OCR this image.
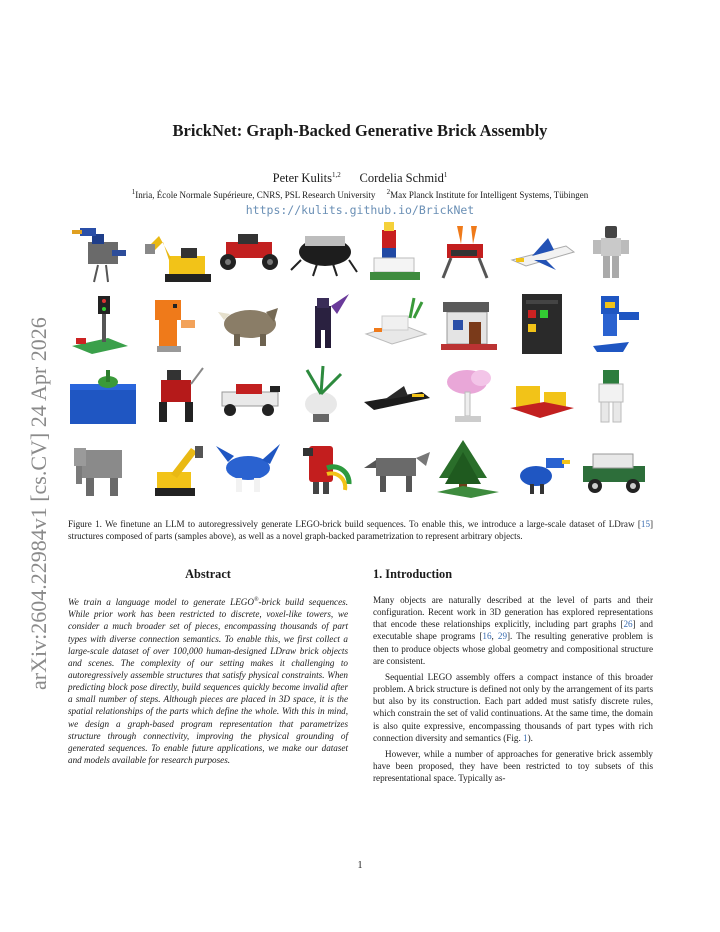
arXiv:2604.22984v1 [cs.CV] 24 Apr 2026
BrickNet: Graph-Backed Generative Brick Assembly
Peter Kulits$^{1,2}$ Cordelia Schmid$^1$
$^1$Inria, École Normale Supérieure, CNRS, PSL Research University $^2$Max Planck Institute for Intelligent Systems, Tübingen
https://kulits.github.io/BrickNet
Figure 1. We finetune an LLM to autoregressively generate LEGO-brick build sequences. To enable this, we introduce a large-scale dataset of LDraw [15] structures composed of parts (samples above), as well as a novel graph-backed parametrization to represent arbitrary objects.
Abstract

We train a language model to generate LEGO®-brick build sequences. While prior work has been restricted to discrete, voxel-like towers, we consider a much broader set of pieces, encompassing thousands of part types with diverse connection semantics. To enable this, we first collect a large-scale dataset of over 100,000 human-designed LDraw brick objects and scenes. The complexity of our setting makes it challenging to autoregressively assemble structures that satisfy physical constraints. When predicting block pose directly, build sequences quickly become invalid after a small number of steps. Although pieces are placed in 3D space, it is the spatial relationships of the parts which define the whole. With this in mind, we design a graph-based program representation that parametrizes structure through connectivity, improving the physical grounding of generated sequences. To enable future applications, we make our dataset and models available for research purposes.

1. Introduction

Many objects are naturally described at the level of parts and their configuration. Recent work in 3D generation has explored representations that encode these relationships explicitly, including part graphs [26] and executable shape programs [16, 29]. The resulting generative problem is then to produce objects whose global geometry and compositional structure are consistent.

Sequential LEGO assembly offers a compact instance of this broader problem. A brick structure is defined not only by the arrangement of its parts but also by its construction. Each part added must satisfy discrete rules, which constrain the set of valid continuations. At the same time, the domain is also quite expressive, encompassing thousands of part types with rich connection diversity and semantics (Fig. 1).

However, while a number of approaches for generative brick assembly have been proposed, they have been restricted to toy subsets of this representational space. Typically as-

1
